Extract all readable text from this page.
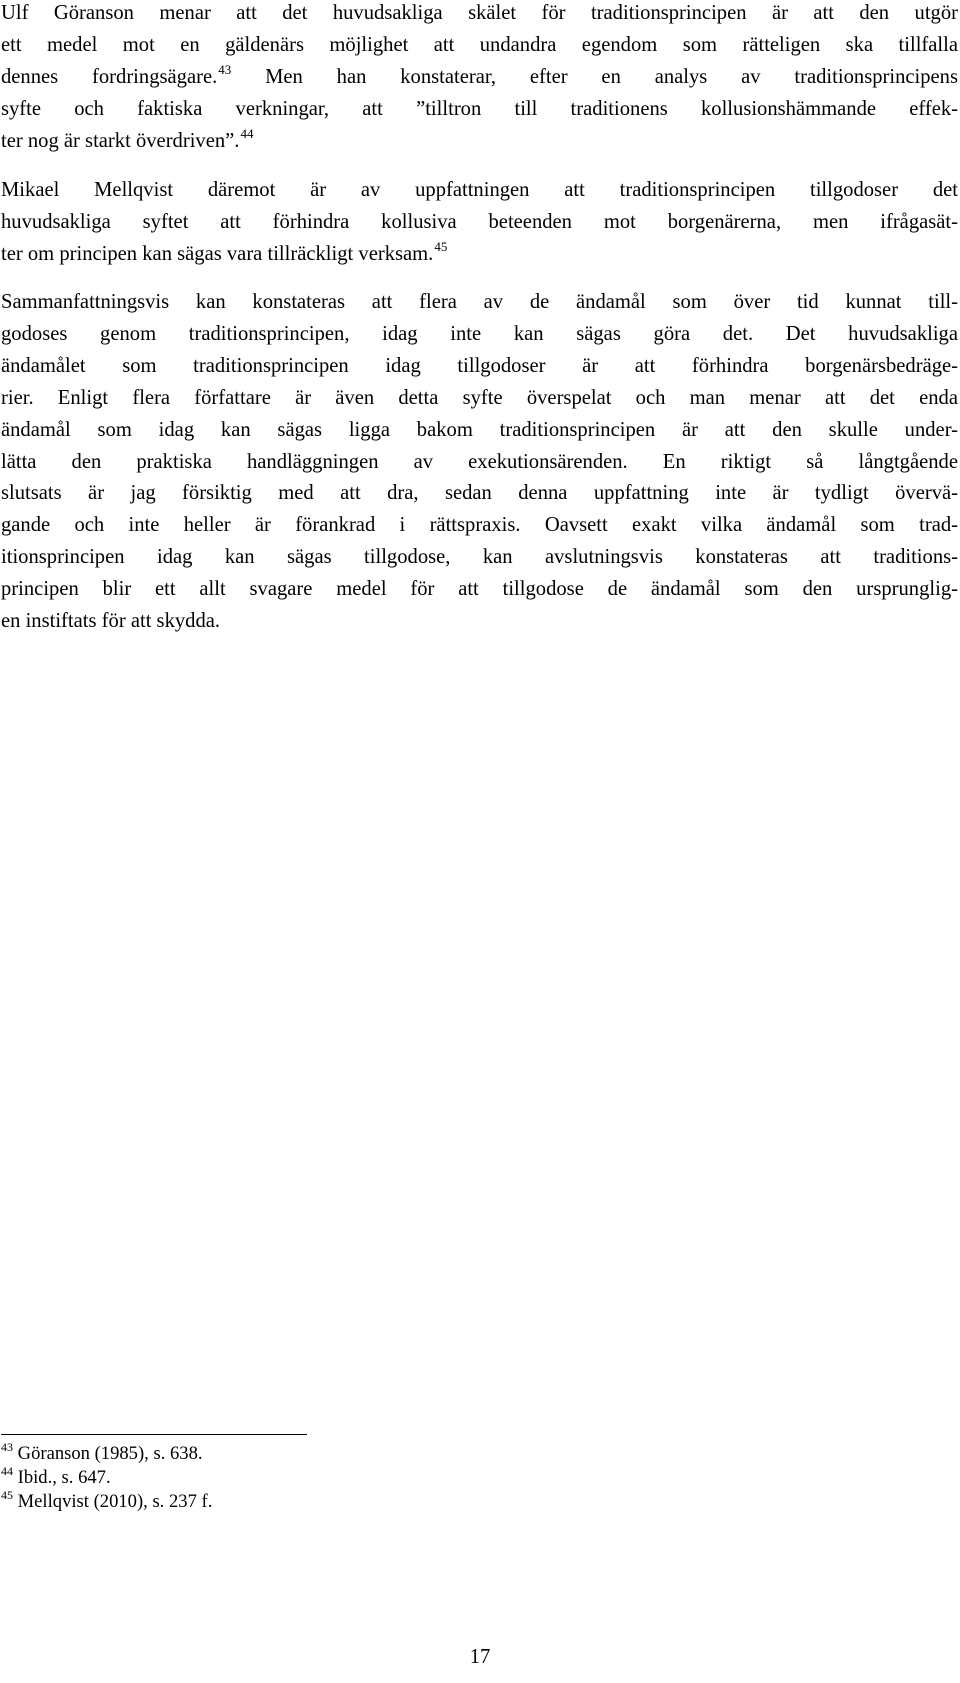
Ulf Göranson menar att det huvudsakliga skälet för traditionsprincipen är att den utgör
ett medel mot en gäldenärs möjlighet att undandra egendom som rätteligen ska tillfalla
dennes fordringsägare.$^{43}$ Men han konstaterar, efter en analys av traditionsprincipens
syfte och faktiska verkningar, att ”tilltron till traditionens kollusionshämmande effek-
ter nog är starkt överdriven”.$^{44}$
Mikael Mellqvist däremot är av uppfattningen att traditionsprincipen tillgodoser det
huvudsakliga syftet att förhindra kollusiva beteenden mot borgenärerna, men ifrågasät-
ter om principen kan sägas vara tillräckligt verksam.$^{45}$
Sammanfattningsvis kan konstateras att flera av de ändamål som över tid kunnat till-
godoses genom traditionsprincipen, idag inte kan sägas göra det. Det huvudsakliga
ändamålet som traditionsprincipen idag tillgodoser är att förhindra borgenärsbedräge-
rier. Enligt flera författare är även detta syfte överspelat och man menar att det enda
ändamål som idag kan sägas ligga bakom traditionsprincipen är att den skulle under-
lätta den praktiska handläggningen av exekutionsärenden. En riktigt så långtgående
slutsats är jag försiktig med att dra, sedan denna uppfattning inte är tydligt övervä-
gande och inte heller är förankrad i rättspraxis. Oavsett exakt vilka ändamål som trad-
itionsprincipen idag kan sägas tillgodose, kan avslutningsvis konstateras att traditions-
principen blir ett allt svagare medel för att tillgodose de ändamål som den ursprunglig-
en instiftats för att skydda.
$^{43}$ Göranson (1985), s. 638.
$^{44}$ Ibid., s. 647.
$^{45}$ Mellqvist (2010), s. 237 f.
17
